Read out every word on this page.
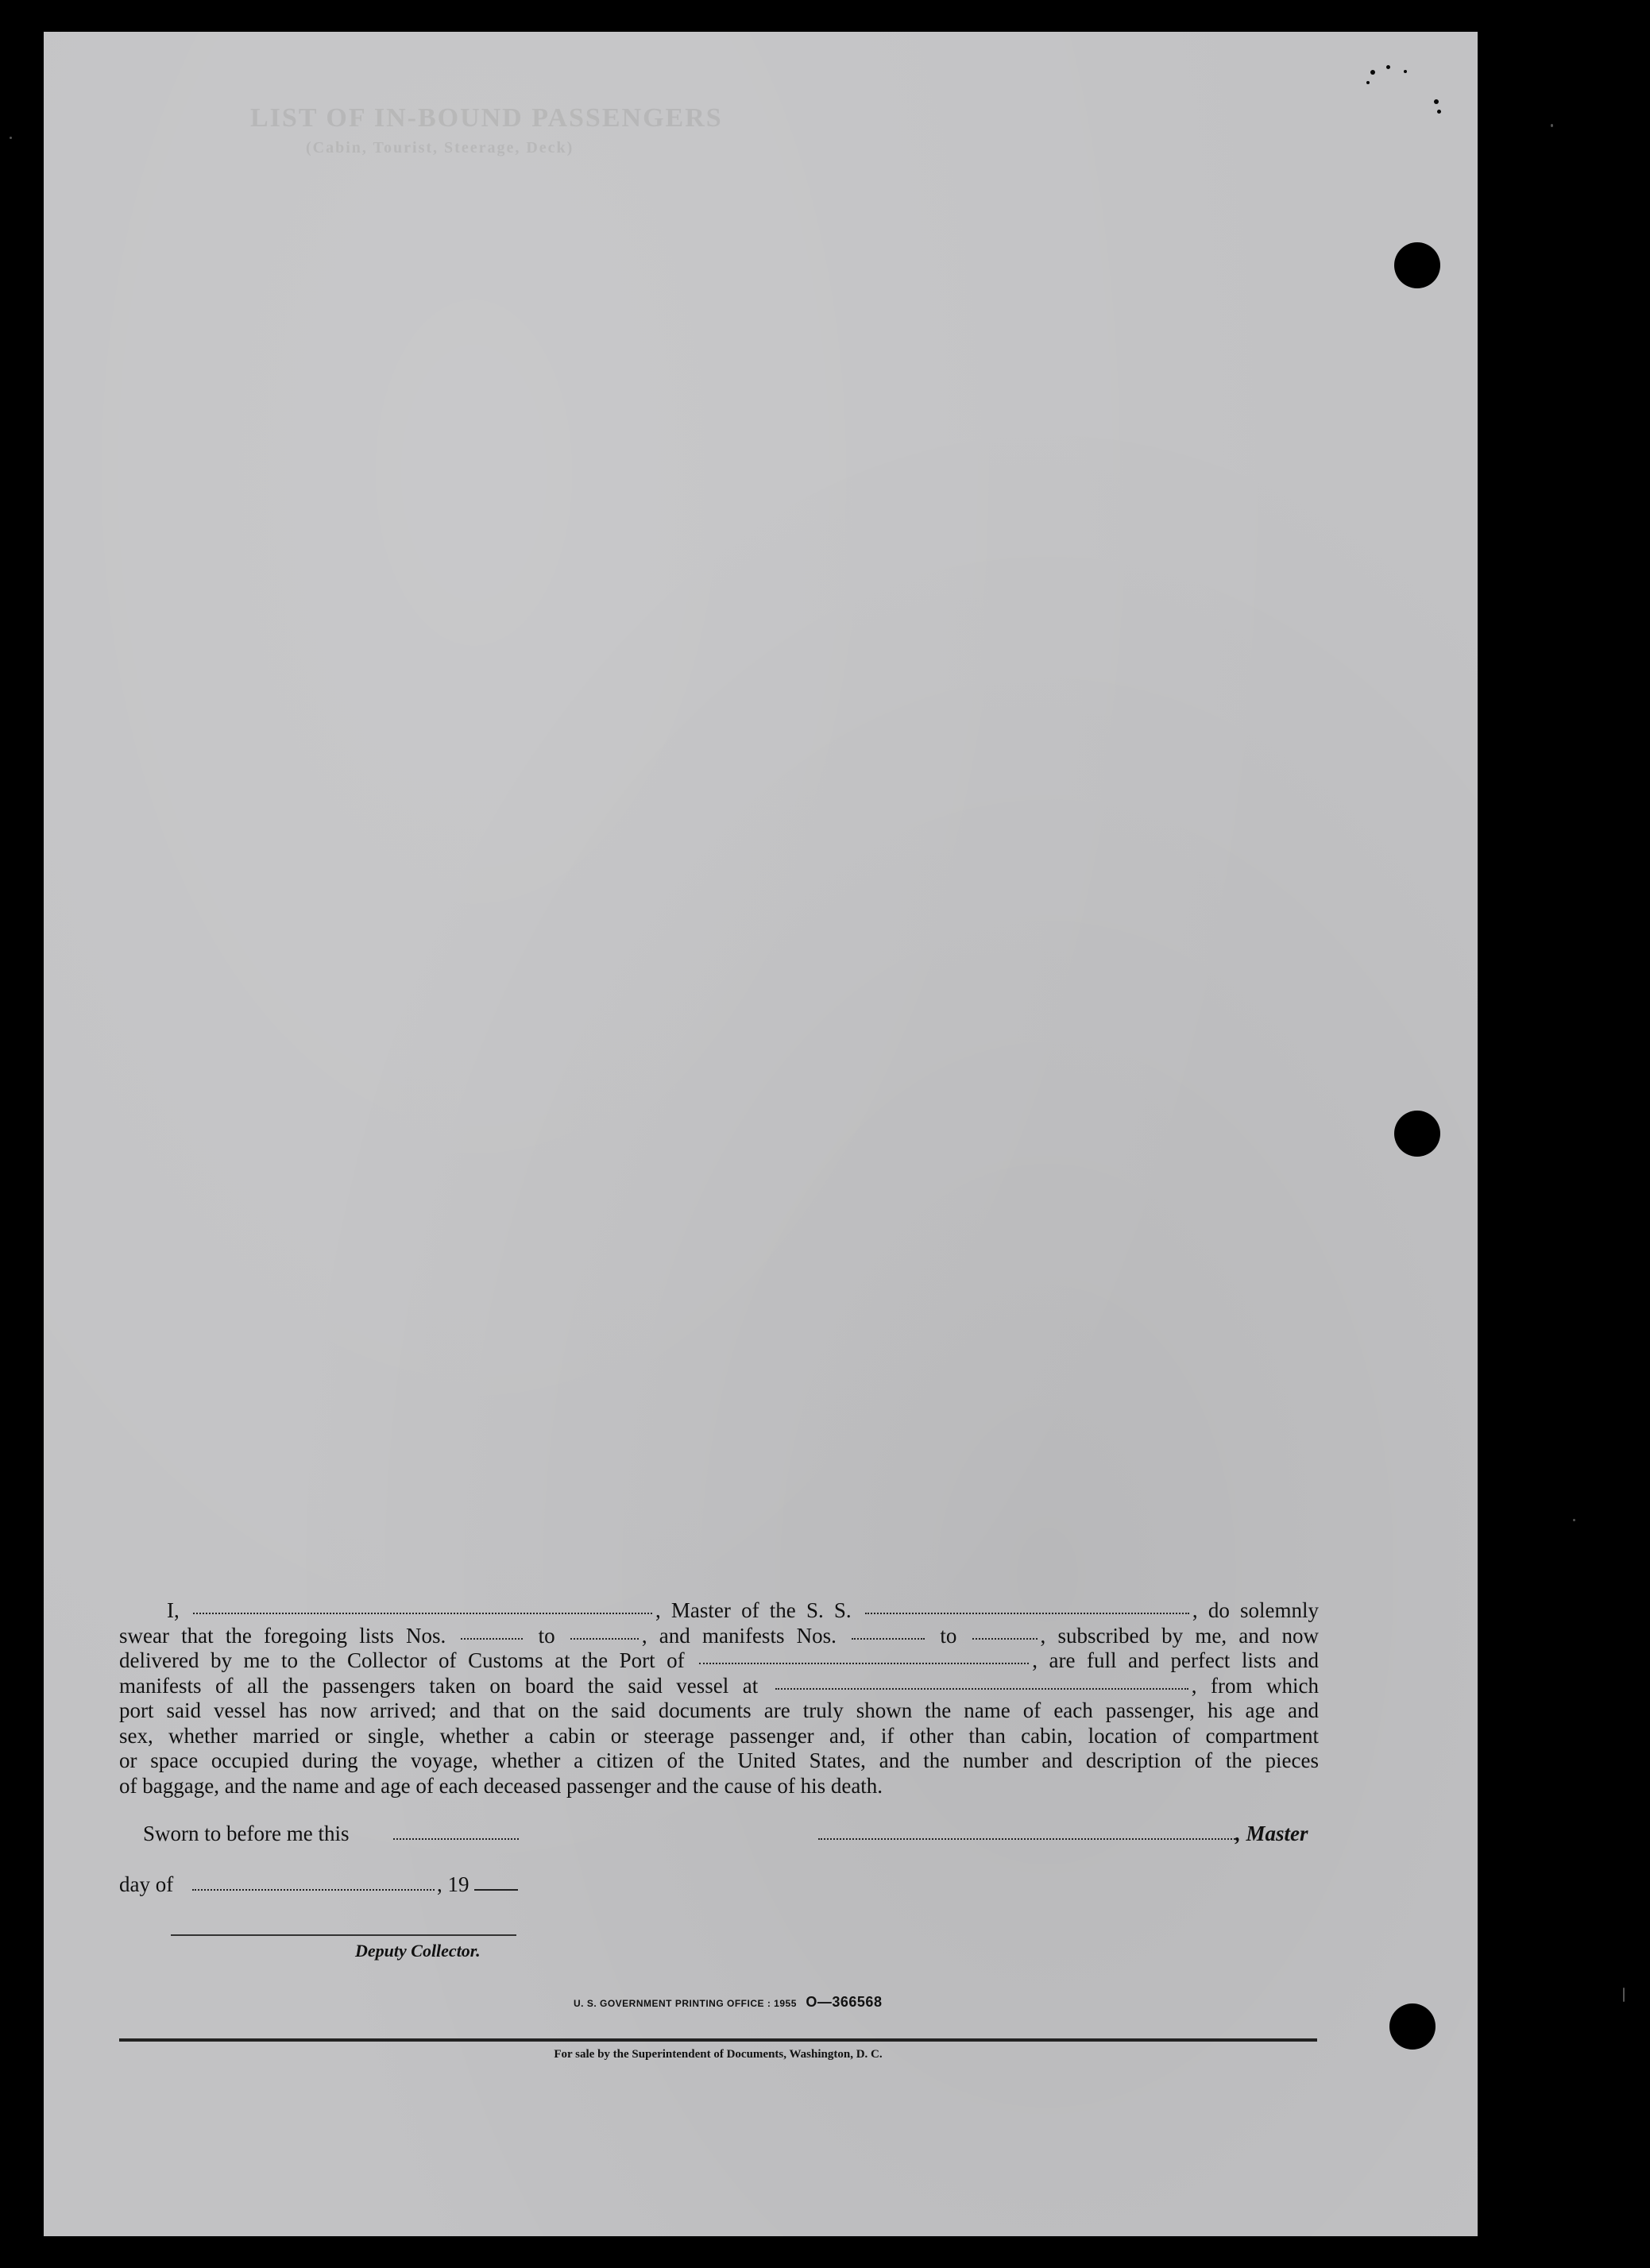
LIST OF IN-BOUND PASSENGERS
(Cabin, Tourist, Steerage, Deck)
I,	, Master of the S. S.	, do solemnly
swear that the foregoing lists Nos.	to	, and manifests Nos.	to	, subscribed by me, and now
delivered by me to the Collector of Customs at the Port of	, are full and perfect lists and
manifests of all the passengers taken on board the said vessel at	, from which
port said vessel has now arrived; and that on the said documents are truly shown the name of each passenger, his age and
sex, whether married or single, whether a cabin or steerage passenger and, if other than cabin, location of compartment
or space occupied during the voyage, whether a citizen of the United States, and the number and description of the pieces
of baggage, and the name and age of each deceased passenger and the cause of his death.
Sworn to before me this	, Master
day of	, 19
Deputy Collector.
U. S. GOVERNMENT PRINTING OFFICE : 1955 O—366568
For sale by the Superintendent of Documents, Washington, D. C.
